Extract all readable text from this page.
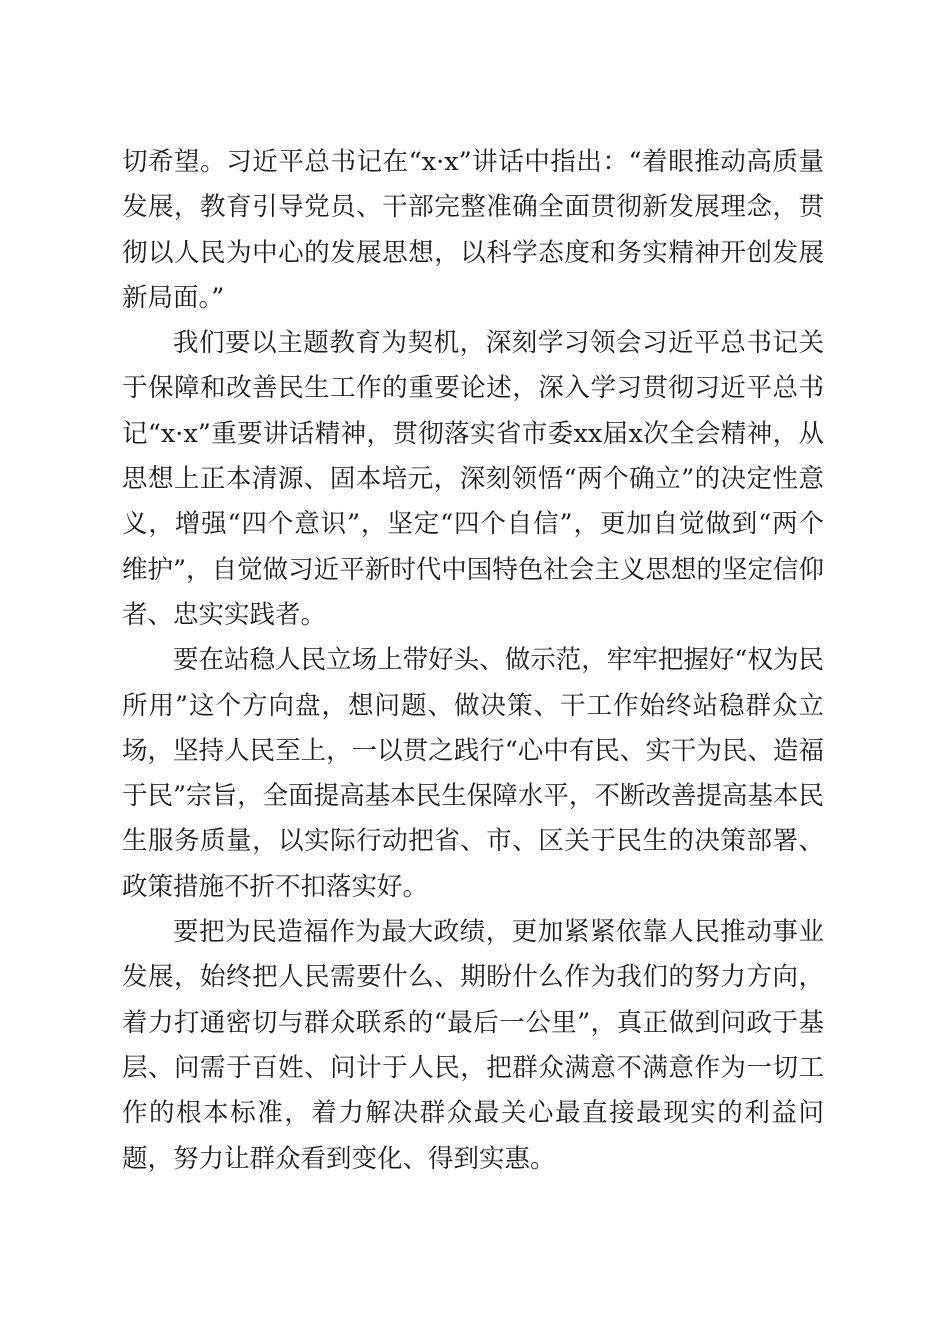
切希望。习近平总书记在“x·x”讲话中指出：“着眼推动高质量发展，教育引导党员、干部完整准确全面贯彻新发展理念，贯彻以人民为中心的发展思想，以科学态度和务实精神开创发展新局面。”

我们要以主题教育为契机，深刻学习领会习近平总书记关于保障和改善民生工作的重要论述，深入学习贯彻习近平总书记“x·x”重要讲话精神，贯彻落实省市委xx届x次全会精神，从思想上正本清源、固本培元，深刻领悟“两个确立”的决定性意义，增强“四个意识”，坚定“四个自信”，更加自觉做到“两个维护”，自觉做习近平新时代中国特色社会主义思想的坚定信仰者、忠实实践者。

要在站稳人民立场上带好头、做示范，牢牢把握好“权为民所用”这个方向盘，想问题、做决策、干工作始终站稳群众立场，坚持人民至上，一以贯之践行“心中有民、实干为民、造福于民”宗旨，全面提高基本民生保障水平，不断改善提高基本民生服务质量，以实际行动把省、市、区关于民生的决策部署、政策措施不折不扣落实好。

要把为民造福作为最大政绩，更加紧紧依靠人民推动事业发展，始终把人民需要什么、期盼什么作为我们的努力方向，着力打通密切与群众联系的“最后一公里”，真正做到问政于基层、问需于百姓、问计于人民，把群众满意不满意作为一切工作的根本标准，着力解决群众最关心最直接最现实的利益问题，努力让群众看到变化、得到实惠。
